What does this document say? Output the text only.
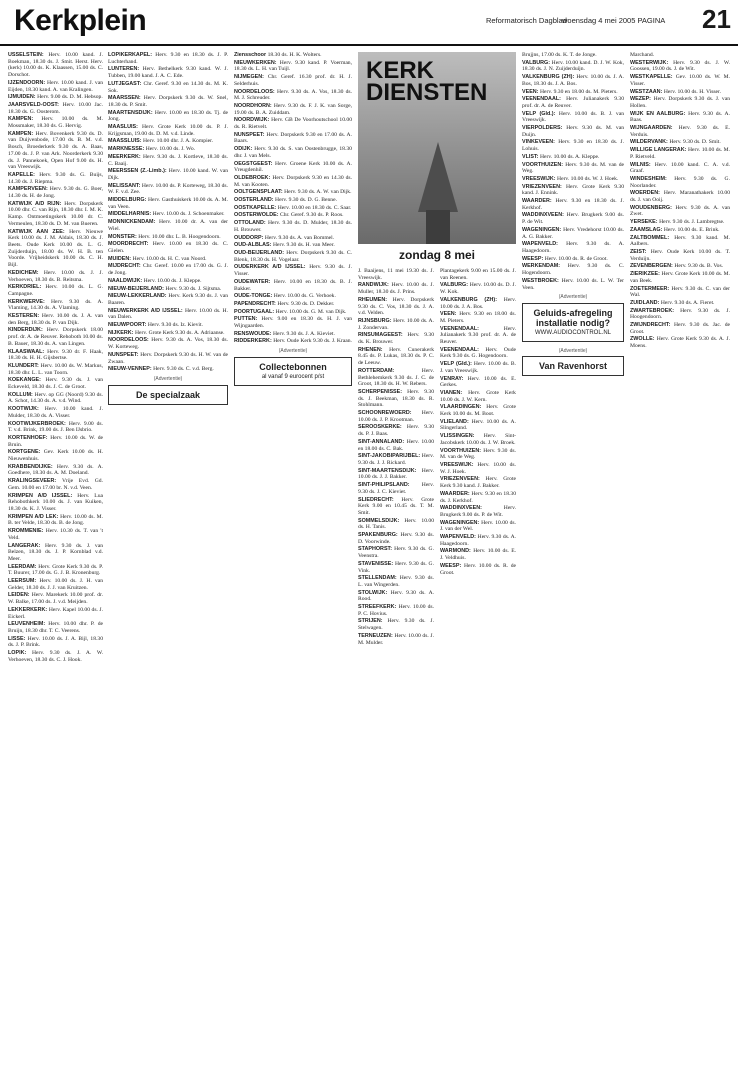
Kerkplein	Reformatorisch Dagblad
woensdag 4 mei 2005 PAGINA 21

USSELSTEIN: Herv. 10.00 kand. J. Boekman, 18.30 ds. J. Smit. Herst. Herv. (kerk) 10.00 ds. K. Klaassen, 15.00 ds. C. Dorschot.

IJZENDOORN: Herv. 10.00 kand. J. van Eijden, 18.30 kand. A. van Kralingen.

IJMUIDEN: Herv. 9.00 ds. D. M. Hebsop.

JAARSVELD-OOST: Herv. 10.00 Jac. 18.30 ds. G. Oosterom.

KAMPEN: Herv. 10.00 ds. M. Mossmaker, 18.30 ds. G. Hervig.

KAMPEN: Herv. Bovenkerk 9.30 ds. D. van Duijvenbode, 17.00 ds. B. M. v.d. Bosch, Broederkerk 9.30 ds. A. Baas, 17.00 ds. J. P. van Ark. Noorderkerk 9.30 ds. J. Pannekoek, Open Hof 9.00 ds. H. van Vreeswijk.

KAPELLE: Herv. 9.30 ds. G. Buijs, 14.30 ds. J. Riepma.

KAMPERVEEN: Herv. 9.30 ds. G. Boer, 14.30 ds. H. de Jong.

KATWIJK A/D RIJN: Herv. Dorpskerk 10.00 dhr. C. van Rijn, 18.30 dhr. I. M. K. Kamp. Ontmoetingskerk 10.00 dr. C. Vermeulen, 18.30 ds. D. M. van Bueren.

KATWIJK AAN ZEE: Herv. Nieuwe Kerk 10.00 ds. J. M. Aldais, 18.30 ds. J. Beets. Oude Kerk 10.00 ds. L. G. Zuijderduijn, 18.00 ds. W. H. B. ten Voorde. Vrijheidskerk 10.00 ds. C. H. Bijl.

KEDICHEM: Herv. 10.00 ds. J. J. Verhoeven, 18.30 ds. B. Reitsma.

KERKDRIEL: Herv. 10.00 ds. L. G. Campagne.

KERKWERVE: Herv. 9.30 ds. A. Vlaming, 14.30 ds. A. Vlaming.

KESTEREN: Herv. 10.00 ds. J. A. van den Berg, 18.30 ds. P. van Dijk.

KINDERDIJK: Herv. Dorpskerk 18.00 prof. dr. A. de Reuver. Rehoboth 10.00 ds. B. Bauer, 18.30 ds. A. van Lingen.

KLAASWAAL: Herv. 9.30 dr. F. Haak, 18.30 ds. H. H. Gijsbertse.

KLUNDERT: Herv. 10.00 ds. W. Markus, 18.30 dhr. L. L. van Toorn.

KOEKANGE: Herv. 9.30 ds. J. van Eckeveld, 18.30 ds. J. C. de Groot.

KOLLUM: Herv. op GG (Noord) 9.30 ds. A. Schot, 14.30 ds. A. v.d. Wind.

KOOTWIJK: Herv. 10.00 kand. J. Mulder, 18.30 ds. A. Visser.

KOOTWIJKERBROEK: Herv. 9.00 ds. T. v.d. Brink, 19.00 ds. J. Ben IJsbrio.

KORTENHOEF: Herv. 10.00 ds. W. de Bruin.

KORTGENE: Gev. Kerk 10.00 ds. H. Nieuwenhuis.

KRABBENDIJKE: Herv. 9.30 ds. A. Goedhere, 18.30 ds. A. M. Doeland.

KRALINGSEVEER: Vrije Evd. Gd. Gem. 10.00 en 17.00 br. N. v.d. Veen.

KRIMPEN A/D IJSSEL: Herv. Lua Rehobothkerk 10.00 ds. J. van Kuiken, 18.30 ds. K. J. Visser.

KRIMPEN A/D LEK: Herv. 10.00 ds. M. B. ter Velde, 18.30 ds. B. de Jong.

KROMMENIE: Herv. 10.30 ds. T. van 't Veld.

LANGERAK: Herv. 9.30 ds. J. van Belzen, 18.30 ds. J. P. Kornblad v.d. Meer.

LEERDAM: Herv. Grote Kerk 9.30 ds. P. T. Buurer, 17.00 ds. G. J. B. Kronenburg.

LEERSUM: Herv. 10.00 ds. J. H. van Gelder, 18.30 ds. J. J. van Kruitzen.

LEIDEN: Herv. Marekerk 10.00 prof. dr. W. Balke, 17.00 ds. J. v.d. Meijden.

LEKKERKERK: Herv. Kapel 10.00 ds. J. Eickerl.

LEUVENHEIM: Herv. 10.00 dhr. P. de Bruijn, 18.30 dhr. T. C. Veerens.

LISSE: Herv. 10.00 ds. J. A. Bijl, 18.30 ds. J. P. Brink.

LOPIK: Herv. 9.30 ds. J. A. W. Verhoeven, 18.30 ds. C. J. Hook.

LOPIKERKAPEL: Herv. 9.30 en 18.30 ds. J. P. Luchterhand.

LUNTEREN: Herv. Bethelkerk 9.30 kand. W. J. Tubben, 19.00 kand. J. A. C. Ede.

LUTJEGAST: Chr. Geref. 9.30 en 14.30 ds. M. K. Sok.

MAARSSEN: Herv. Dorpskerk 9.30 ds. W. Snel, 18.30 ds. P. Smit.

MAARTENSDIJK: Herv. 10.00 en 18.30 ds. Tj. de Jong.

MAASLUIS: Herv. Grote Kerk 10.00 ds. P. J. Krijgsman, 19.00 ds. D. M. v.d. Linde.

MAASSLUIS: Herv. 10.00 dhr. J. A. Kompier.

MARKNESSE: Herv. 10.00 ds. J. Wo.

MEERKERK: Herv. 9.30 ds. J. Kortleve, 18.30 ds. C. Baaij.

MEERSSEN (Z.-Limb.): Herv. 10.00 kand. W. van Dijk.

MELISSANT: Herv. 10.00 ds. P. Korteweg, 18.30 ds. W. F. v.d. Zee.

MIDDELBURG: Herv. Gasthuiskerk 10.00 ds. A. M. van Veen.

MIDDELHARNIS: Herv. 10.00 ds. J. Schoenmaker.

MONNICKENDAM: Herv. 10.00 dr. A. van der Wiel.

MONSTER: Herv. 10.00 dhr. L. B. Hoogendoorn.

MOORDRECHT: Herv. 10.00 en 18.30 ds. C. Gielen.

MUIDEN: Herv. 10.00 ds. H. C. van Noord.

MIJDRECHT: Chr. Geref. 10.00 en 17.00 ds. G. J. de Jong.

NAALDWIJK: Herv. 10.00 ds. J. Kleppe.

NIEUW-BEIJERLAND: Herv. 9.30 ds. J. Sijtsma.

NIEUW-LEKKERLAND: Herv. Kerk 9.30 ds. J. van Baaren.

NIEUWERKERK A/D IJSSEL: Herv. 10.00 ds. H. van Dalen.

NIEUWPOORT: Herv. 9.30 ds. Iz. Kievit.

NIJKERK: Herv. Grote Kerk 9.30 ds. A. Adriaanse.

NOORDELOOS: Herv. 9.30 ds. A. Vos, 18.30 ds. W. Korteweg.

NUNSPEET: Herv. Dorpskerk 9.30 ds. H. W. van de Zwaan.

NIEUW-VENNEP: Herv. 9.30 ds. C. v.d. Berg.

(Advertentie)
De specialzaak

Ziensschoor 18.30 ds. H. K. Wolters.

NIEUWKERKEN: Herv. 9.30 kand. P. Voerman, 18.30 ds. L. H. van Tuijl.

NIJMEGEN: Chr. Geref. 16.30 prof. dr. H. J. Selderhuis.

NOORDELOOS: Herv. 9.30 ds. A. Vos, 18.30 ds. M. J. Schreuder.

NOORDHORN: Herv. 9.30 ds. F. J. K. van Sorge, 19.00 ds. B. A. Zuiddam.

NOORDWIJK: Herv. GB De Voorhoutschool 10.00 ds. R. Rietvelt.

NUNSPEET: Herv. Dorpskerk 9.30 en 17.00 ds. A. Baars.

ODIJK: Herv. 9.30 ds. S. van Oostenbrugge, 18.30 dhr. J. van Mels.

OEGSTGEEST: Herv. Groene Kerk 10.00 ds. A. Vreugdenhil.

OLDEBROEK: Herv. Dorpskerk 9.30 en 14.30 ds. M. van Kooten.

OOLTGENSPLAAT: Herv. 9.30 ds. A. W. van Dijk.

OOSTERLAND: Herv. 9.30 ds. D. G. Benne.

OOSTKAPELLE: Herv. 10.00 en 18.30 ds. C. Saar.

OOSTERWOLDE: Chr. Geref. 9.30 ds. P. Roos.

OTTOLAND: Herv. 9.30 ds. D. Mulder, 18.30 ds. H. Brouwer.

OUDDORP: Herv. 9.30 ds. A. van Bommel.

OUD-ALBLAS: Herv. 9.30 ds. H. van Meer.

OUD-BEIJERLAND: Herv. Dorpskerk 9.30 ds. C. Blenk, 18.30 ds. H. Vogelaar.

OUDERKERK A/D IJSSEL: Herv. 9.30 ds. J. Visser.

OUDEWATER: Herv. 10.00 en 18.30 ds. B. J. Bakker.

OUDE-TONGE: Herv. 10.00 ds. G. Verhoek.

PAPENDRECHT: Herv. 9.30 ds. D. Dekker.

POORTUGAAL: Herv. 10.00 ds. G. M. van Dijk.

PUTTEN: Herv. 9.00 en 18.30 ds. H. J. van Wijngaarden.

RENSWOUDE: Herv. 9.30 ds. J. A. Kieviet.

RIDDERKERK: Herv. Oude Kerk 9.30 ds. J. Kraan.

(Advertentie)
Collectebonnen
al vanaf 9 eurocent p/st
KERK
DIENSTEN
zondag 8 mei

J. Baaijens, 11 mei 19.30 ds. J. Vreeswijk.

RANDWIJK: Herv. 10.00 ds. J. Muller, 18.30 ds. J. Prins.

RHEUMEN: Herv. Dorpskerk 9.30 ds. C. Vos, 18.30 ds. J. A. v.d. Velden.

RIJNSBURG: Herv. 10.00 ds. A. J. Zondervan.

RINSUMAGEEST: Herv. 9.30 ds. K. Brouwer.

RHENEN: Herv. Cunerakerk 8.45 ds. P. Lukas, 18.30 ds. P. C. de Leeuw.

ROTTERDAM: Herv. Bethlehemkerk 9.30 ds. J. C. de Groot, 18.30 ds. H. W. Rebers.

SCHERPENISSE: Herv. 9.30 ds. J. Beekman, 18.30 ds. R. Stohlmann.

SCHOONREWOERD: Herv. 10.00 ds. J. P. Krootman.

SEROOSKERKE: Herv. 9.30 ds. P. J. Baas.

SINT-ANNALAND: Herv. 10.00 en 18.00 ds. C. Bak.

SINT-JAKOBIPARIJBEL: Herv. 9.30 ds. J. J. Rickard.

SINT-MAARTENSDIJK: Herv. 10.00 ds. J. J. Bakker.

SINT-PHILIPSLAND: Herv. 9.30 ds. J. C. Kieviet.

SLIEDRECHT: Herv. Grote Kerk 9.00 en 10.45 ds. T. M. Smit.

SOMMELSDIJK: Herv. 10.00 ds. H. Tanis.

SPAKENBURG: Herv. 9.30 ds. D. Voorwinde.

STAPHORST: Herv. 9.30 ds. G. Veenstra.

STAVENISSE: Herv. 9.30 ds. G. Vink.

STELLENDAM: Herv. 9.30 ds. L. van Wingerden.

STOLWIJK: Herv. 9.30 ds. A. Rood.

STREEFKERK: Herv. 10.00 ds. P. C. Hovius.

STRIJEN: Herv. 9.30 ds. J. Stelwagen.

TERNEUZEN: Herv. 10.00 ds. J. M. Mulder.

Plantagekerk 9.00 en 15.00 ds. J. van Reenen.

VALBURG: Herv. 10.00 ds. D. J. W. Kok.

VALKENBURG (ZH): Herv. 10.00 ds. J. A. Bos.

VEEN: Herv. 9.30 en 18.00 ds. M. Pieters.

VEENENDAAL: Herv. Julianakerk 9.30 prof. dr. A. de Reuver.

VEENENDAAL: Herv. Oude Kerk 9.30 ds. G. Hogendoorn.

VELP (Gld.): Herv. 10.00 ds. B. J. van Vreeswijk.

VENRAY: Herv. 10.00 ds. E. Gerkes.

VIANEN: Herv. Grote Kerk 10.00 ds. J. W. Kern.

VLAARDINGEN: Herv. Grote Kerk 10.00 ds. M. Boot.

VLIELAND: Herv. 10.00 ds. A. Slingerland.

VLISSINGEN: Herv. Sint-Jacobskerk 10.00 ds. J. W. Broek.

VOORTHUIZEN: Herv. 9.30 ds. M. van de Weg.

VREESWIJK: Herv. 10.00 ds. W. J. Hoek.

VRIEZENVEEN: Herv. Grote Kerk 9.30 kand. J. Bakker.

WAARDER: Herv. 9.30 en 18.30 ds. J. Kerkhof.

WADDINXVEEN: Herv. Brugkerk 9.00 ds. P. de Wit.

WAGENINGEN: Herv. 10.00 ds. J. van der Wel.

WAPENVELD: Herv. 9.30 ds. A. Haagedoorn.

WARMOND: Herv. 10.00 ds. E. J. Veldhuis.

WEESP: Herv. 10.00 ds. R. de Groot.

Brujjns, 17.00 ds. K. T. de Jonge.

VALBURG: Herv. 10.00 kand. D. J. W. Kok, 18.30 ds. J. N. Zuijderduijn.

VALKENBURG (ZH): Herv. 10.00 ds. J. A. Bos, 18.30 ds. J. A. Bos.

VEEN: Herv. 9.30 en 18.00 ds. M. Pieters.

VEENENDAAL: Herv. Julianakerk 9.30 prof. dr. A. de Reuver.

VELP (Gld.): Herv. 10.00 ds. B. J. van Vreeswijk.

VIERPOLDERS: Herv. 9.30 ds. M. van Duijn.

VINKEVEEN: Herv. 9.30 en 18.30 ds. J. Lohuis.

VLIST: Herv. 10.00 ds. A. Kleppe.

VOORTHUIZEN: Herv. 9.30 ds. M. van de Weg.

VREESWIJK: Herv. 10.00 ds. W. J. Hoek.

VRIEZENVEEN: Herv. Grote Kerk 9.30 kand. J. Ennink.

WAARDER: Herv. 9.30 en 18.30 ds. J. Kerkhof.

WADDINXVEEN: Herv. Brugkerk 9.00 ds. P. de Wit.

WAGENINGEN: Herv. Vredehorst 10.00 ds. A. G. Bakker.

WAPENVELD: Herv. 9.30 ds. A. Haagedoorn.

WEESP: Herv. 10.00 ds. R. de Groot.

WERKENDAM: Herv. 9.30 ds. C. Hogendoorn.

WESTBROEK: Herv. 10.00 ds. L. W. Ter Veen.

(Advertentie)
Geluids-afregeling installatie nodig?
WWW.AUDIOCONTROL.NL
(Advertentie)
Van Ravenhorst

Marchand.

WESTERWIJK: Herv. 9.30 ds. J. W. Goossen, 19.00 ds. J. de Wit.

WESTKAPELLE: Gev. 10.00 ds. W. M. Visser.

WESTZAAN: Herv. 10.00 ds. H. Visser.

WEZEP: Herv. Dorpskerk 9.30 ds. J. van Hollen.

WIJK EN AALBURG: Herv. 9.30 ds. A. Baas.

WIJNGAARDEN: Herv. 9.30 ds. E. Verduis.

WILDERVANK: Herv. 9.30 ds. D. Smit.

WILLIGE LANGERAK: Herv. 10.00 ds. M. P. Rietveld.

WILNIS: Herv. 10.00 kand. C. A. v.d. Graaf.

WINDESHEIM: Herv. 9.30 ds. G. Noorlander.

WOERDEN: Herv. Maranathakerk 10.00 ds. J. van Ooij.

WOUDENBERG: Herv. 9.30 ds. A. van Zwet.

YERSEKE: Herv. 9.30 ds. J. Lambregtse.

ZAAMSLAG: Herv. 10.00 ds. E. Brink.

ZALTBOMMEL: Herv. 9.30 kand. M. Aalbers.

ZEIST: Herv. Oude Kerk 10.00 ds. T. Verduijn.

ZEVENBERGEN: Herv. 9.30 ds. B. Vos.

ZIERIKZEE: Herv. Grote Kerk 10.00 ds. M. van Beek.

ZOETERMEER: Herv. 9.30 ds. C. van der Wal.

ZUIDLAND: Herv. 9.30 ds. A. Fieret.

ZWARTEBROEK: Herv. 9.30 ds. J. Hoogendoorn.

ZWIJNDRECHT: Herv. 9.30 ds. Jac. de Groot.

ZWOLLE: Herv. Grote Kerk 9.30 ds. A. J. Moens.
